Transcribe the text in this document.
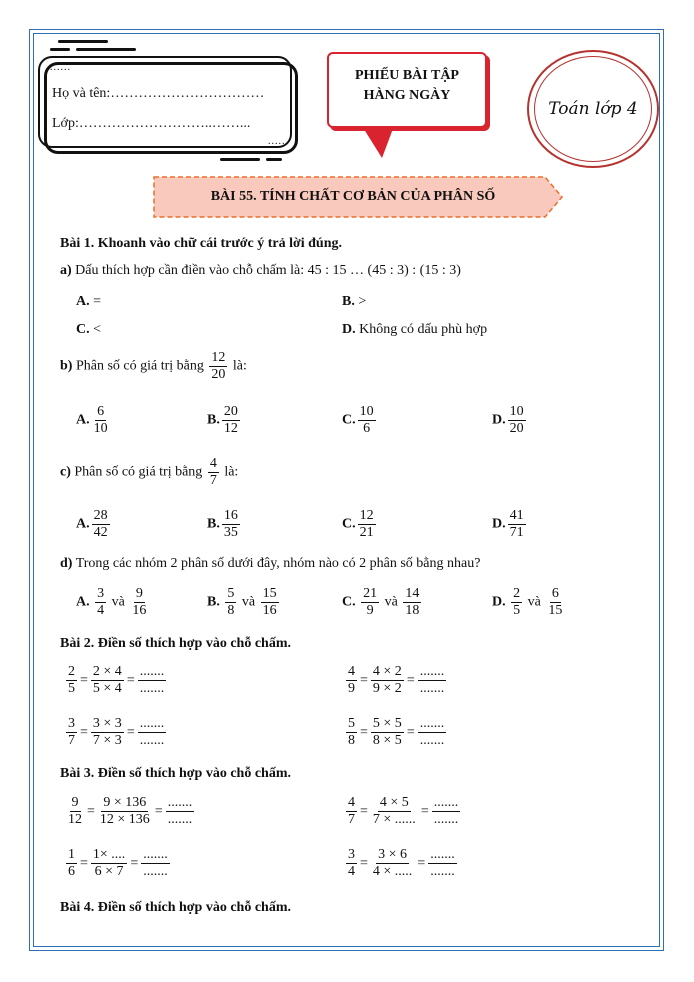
......
Họ và tên:……………………………
Lớp:………………………..……...
......
PHIẾU BÀI TẬP
HÀNG NGÀY
Toán lớp 4
BÀI 55. TÍNH CHẤT CƠ BẢN CỦA PHÂN SỐ
Bài 1. Khoanh vào chữ cái trước ý trả lời đúng.
a) Dấu thích hợp cần điền vào chỗ chấm là: 45 : 15 … (45 : 3) : (15 : 3)
A. =	B. >
C. <	D. Không có dấu phù hợp
b) Phân số có giá trị bằng $\frac{12}{20}$ là:
A. $\frac{6}{10}$	B. $\frac{20}{12}$	C. $\frac{10}{6}$	D. $\frac{10}{20}$
c) Phân số có giá trị bằng $\frac{4}{7}$ là:
A. $\frac{28}{42}$	B. $\frac{16}{35}$	C. $\frac{12}{21}$	D. $\frac{41}{71}$
d) Trong các nhóm 2 phân số dưới đây, nhóm nào có 2 phân số bằng nhau?
A. $\frac{3}{4}$ và $\frac{9}{16}$	B. $\frac{5}{8}$ và $\frac{15}{16}$	C. $\frac{21}{9}$ và $\frac{14}{18}$	D. $\frac{2}{5}$ và $\frac{6}{15}$
Bài 2. Điền số thích hợp vào chỗ chấm.
$\frac{2}{5} = \frac{2 \times 4}{5 \times 4}$ =
.......
.......	$\frac{4}{9} = \frac{4 \times 2}{9 \times 2}$ =
.......
.......
$\frac{3}{7} = \frac{3 \times 3}{7 \times 3}$ =
.......
.......	$\frac{5}{8} = \frac{5 \times 5}{8 \times 5}$ =
.......
.......
Bài 3. Điền số thích hợp vào chỗ chấm.
$\frac{9}{12} = \frac{9 \times 136}{12 \times 136}$ =
.......
.......	$\frac{4}{7} = \frac{4 \times 5}{7 \times ......}$ =
.......
.......
$\frac{1}{6} = \frac{1\times ....}{6 \times 7}$ =
.......
.......	$\frac{3}{4} = \frac{3 \times 6}{4 \times .....}$ =
.......
.......
Bài 4. Điền số thích hợp vào chỗ chấm.
